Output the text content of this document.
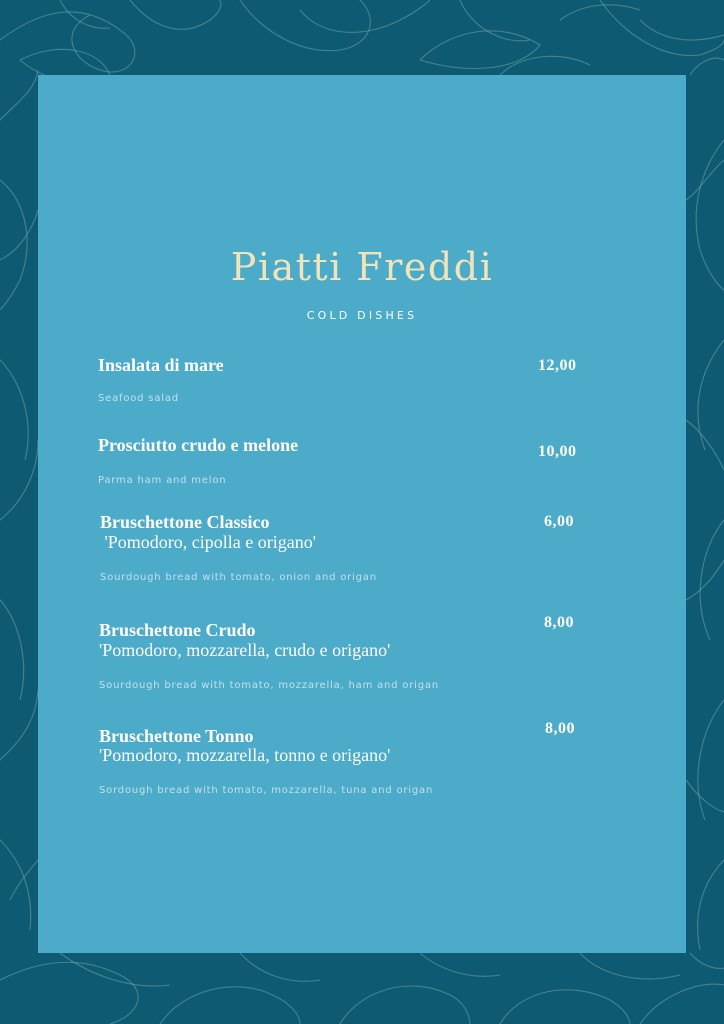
Piatti Freddi
COLD DISHES
Insalata di mare
Seafood salad
12,00
Prosciutto crudo e melone
Parma ham and melon
10,00
Bruschettone Classico
'Pomodoro, cipolla e origano'
Sourdough bread with tomato, onion and origan
6,00
Bruschettone Crudo
'Pomodoro, mozzarella, crudo e origano'
Sourdough bread with tomato, mozzarella, ham and origan
8,00
Bruschettone Tonno
'Pomodoro, mozzarella, tonno e origano'
Sordough bread with tomato, mozzarella, tuna and origan
8,00
